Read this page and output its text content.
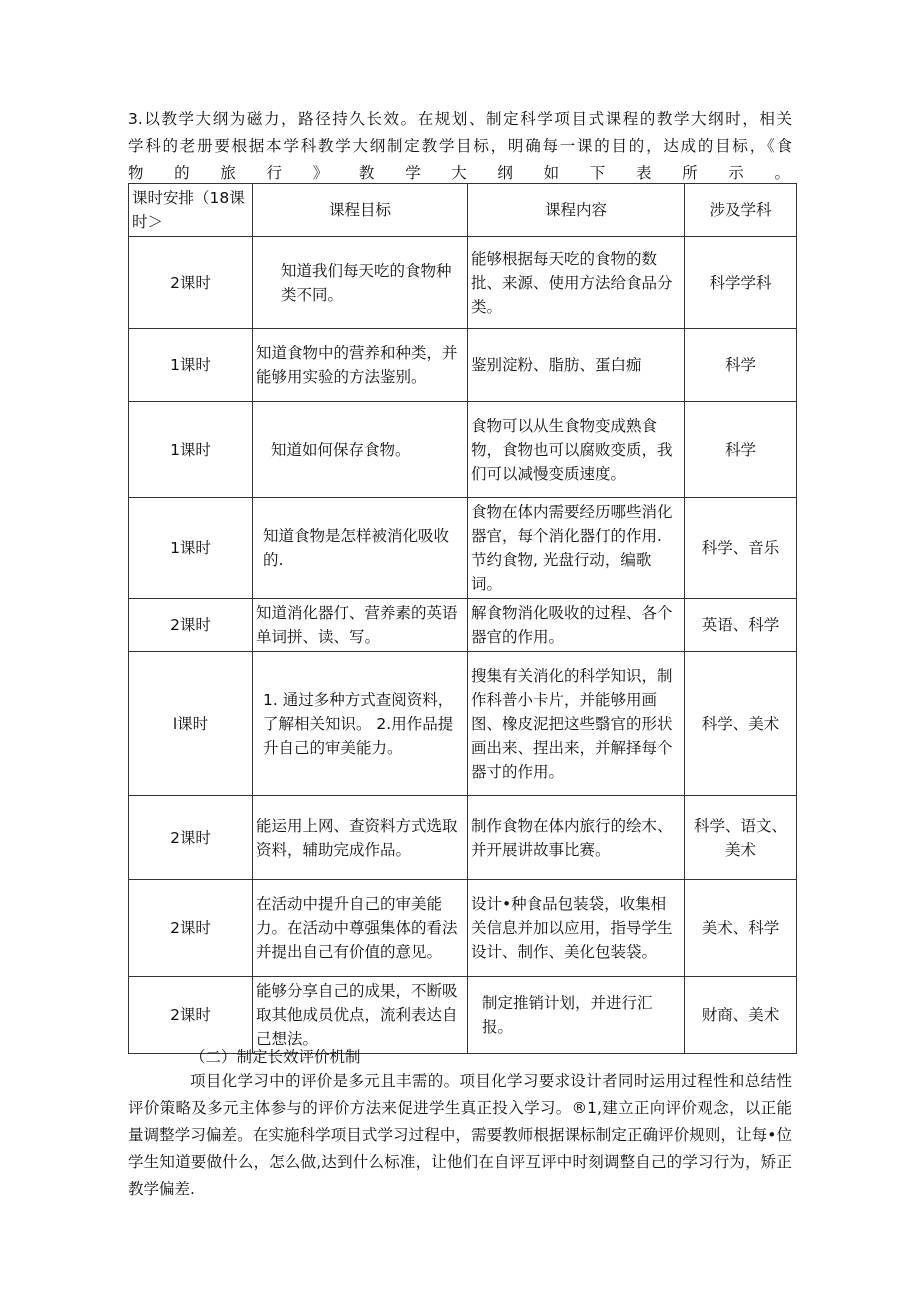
3.以教学大纲为磁力，路径持久长效。在规划、制定科学项目式课程的教学大纲时，相关
学科的老册要根据本学科教学大纲制定教学目标，明确每一课的目的，达成的目标，《食
物的旅行》教学大纲如下表所示。
课时安排（18课时＞	课程目标	课程内容	涉及学科
2课时	知道我们每天吃的食物种类不同。	能够根据每天吃的食物的数批、来源、使用方法给食品分类。	科学学科
1课时	知道食物中的营养和种类，并能够用实验的方法鉴别。	鉴别淀粉、脂肪、蛋白痂	科学
1课时	知道如何保存食物。	食物可以从生食物变成熟食物，食物也可以腐败变质，我们可以减慢变质速度。	科学
1课时	知道食物是怎样被消化吸收的.	食物在体内需要经历哪些消化器官，每个消化器仃的作用. 节约食物, 光盘行动，编歌词。	科学、音乐
2课时	知道消化器仃、营养素的英语单词拼、读、写。	解食物消化吸收的过程、各个器官的作用。	英语、科学
l课时	1. 通过多种方式查阅资料，了解相关知识。 2.用作品提升自己的审美能力。	搜集有关消化的科学知识，制作科普小卡片，并能够用画图、橡皮泥把这些翳官的形状画出来、捏出来，并解择每个器寸的作用。	科学、美术
2课时	能运用上网、查资料方式选取资料，辅助完成作品。	制作食物在体内旅行的绘木、并开展讲故事比赛。	科学、语文、美术
2课时	在活动中提升自己的审美能力。在活动中尊强集体的看法并提出自己有价值的意见。	设计•种食品包装袋，收集相关信息并加以应用，指导学生设计、制作、美化包装袋。	美术、科学
2课时	能够分享自己的成果，不断吸取其他成员优点，流利表达自己想法。	制定推销计划，并进行汇报。	财商、美术
（二）制定长效评价机制
项目化学习中的评价是多元且丰需的。项目化学习要求设计者同时运用过程性和总结性评价策略及多元主体参与的评价方法来促进学生真正投入学习。®1,建立正向评价观念，以正能量调整学习偏差。在实施科学项目式学习过程中，需要教师根据课标制定正确评价规则，让每•位学生知道要做什么，怎么做,达到什么标准，让他们在自评互评中时刻调整自己的学习行为，矫正教学偏差.
